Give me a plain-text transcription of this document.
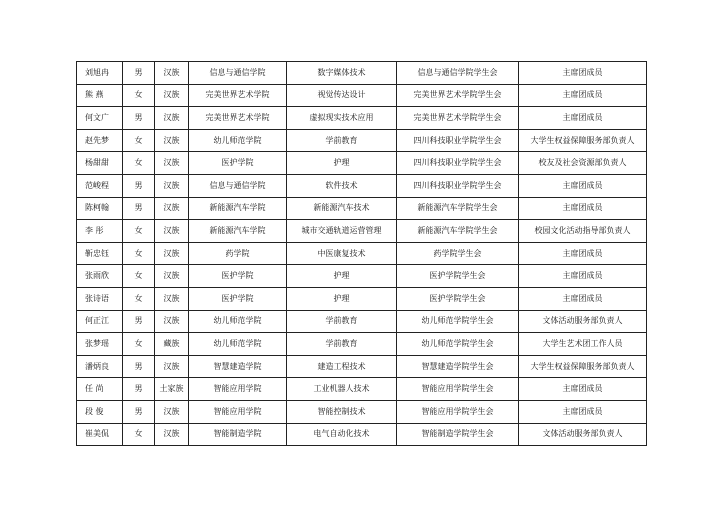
刘旭冉	男	汉族	信息与通信学院	数字媒体技术	信息与通信学院学生会	主席团成员
熊 燕	女	汉族	完美世界艺术学院	视觉传达设计	完美世界艺术学院学生会	主席团成员
何文广	男	汉族	完美世界艺术学院	虚拟现实技术应用	完美世界艺术学院学生会	主席团成员
赵先梦	女	汉族	幼儿师范学院	学前教育	四川科技职业学院学生会	大学生权益保障服务部负责人
杨甜甜	女	汉族	医护学院	护理	四川科技职业学院学生会	校友及社会资源部负责人
范峻程	男	汉族	信息与通信学院	软件技术	四川科技职业学院学生会	主席团成员
陈柯翰	男	汉族	新能源汽车学院	新能源汽车技术	新能源汽车学院学生会	主席团成员
李 彤	女	汉族	新能源汽车学院	城市交通轨道运营管理	新能源汽车学院学生会	校园文化活动指导部负责人
靳忠钰	女	汉族	药学院	中医康复技术	药学院学生会	主席团成员
张雨欣	女	汉族	医护学院	护理	医护学院学生会	主席团成员
张诗语	女	汉族	医护学院	护理	医护学院学生会	主席团成员
何正江	男	汉族	幼儿师范学院	学前教育	幼儿师范学院学生会	文体活动服务部负责人
张梦瑶	女	藏族	幼儿师范学院	学前教育	幼儿师范学院学生会	大学生艺术团工作人员
潘炳良	男	汉族	智慧建造学院	建造工程技术	智慧建造学院学生会	大学生权益保障服务部负责人
任 尚	男	土家族	智能应用学院	工业机器人技术	智能应用学院学生会	主席团成员
段 俊	男	汉族	智能应用学院	智能控制技术	智能应用学院学生会	主席团成员
崔美侃	女	汉族	智能制造学院	电气自动化技术	智能制造学院学生会	文体活动服务部负责人
